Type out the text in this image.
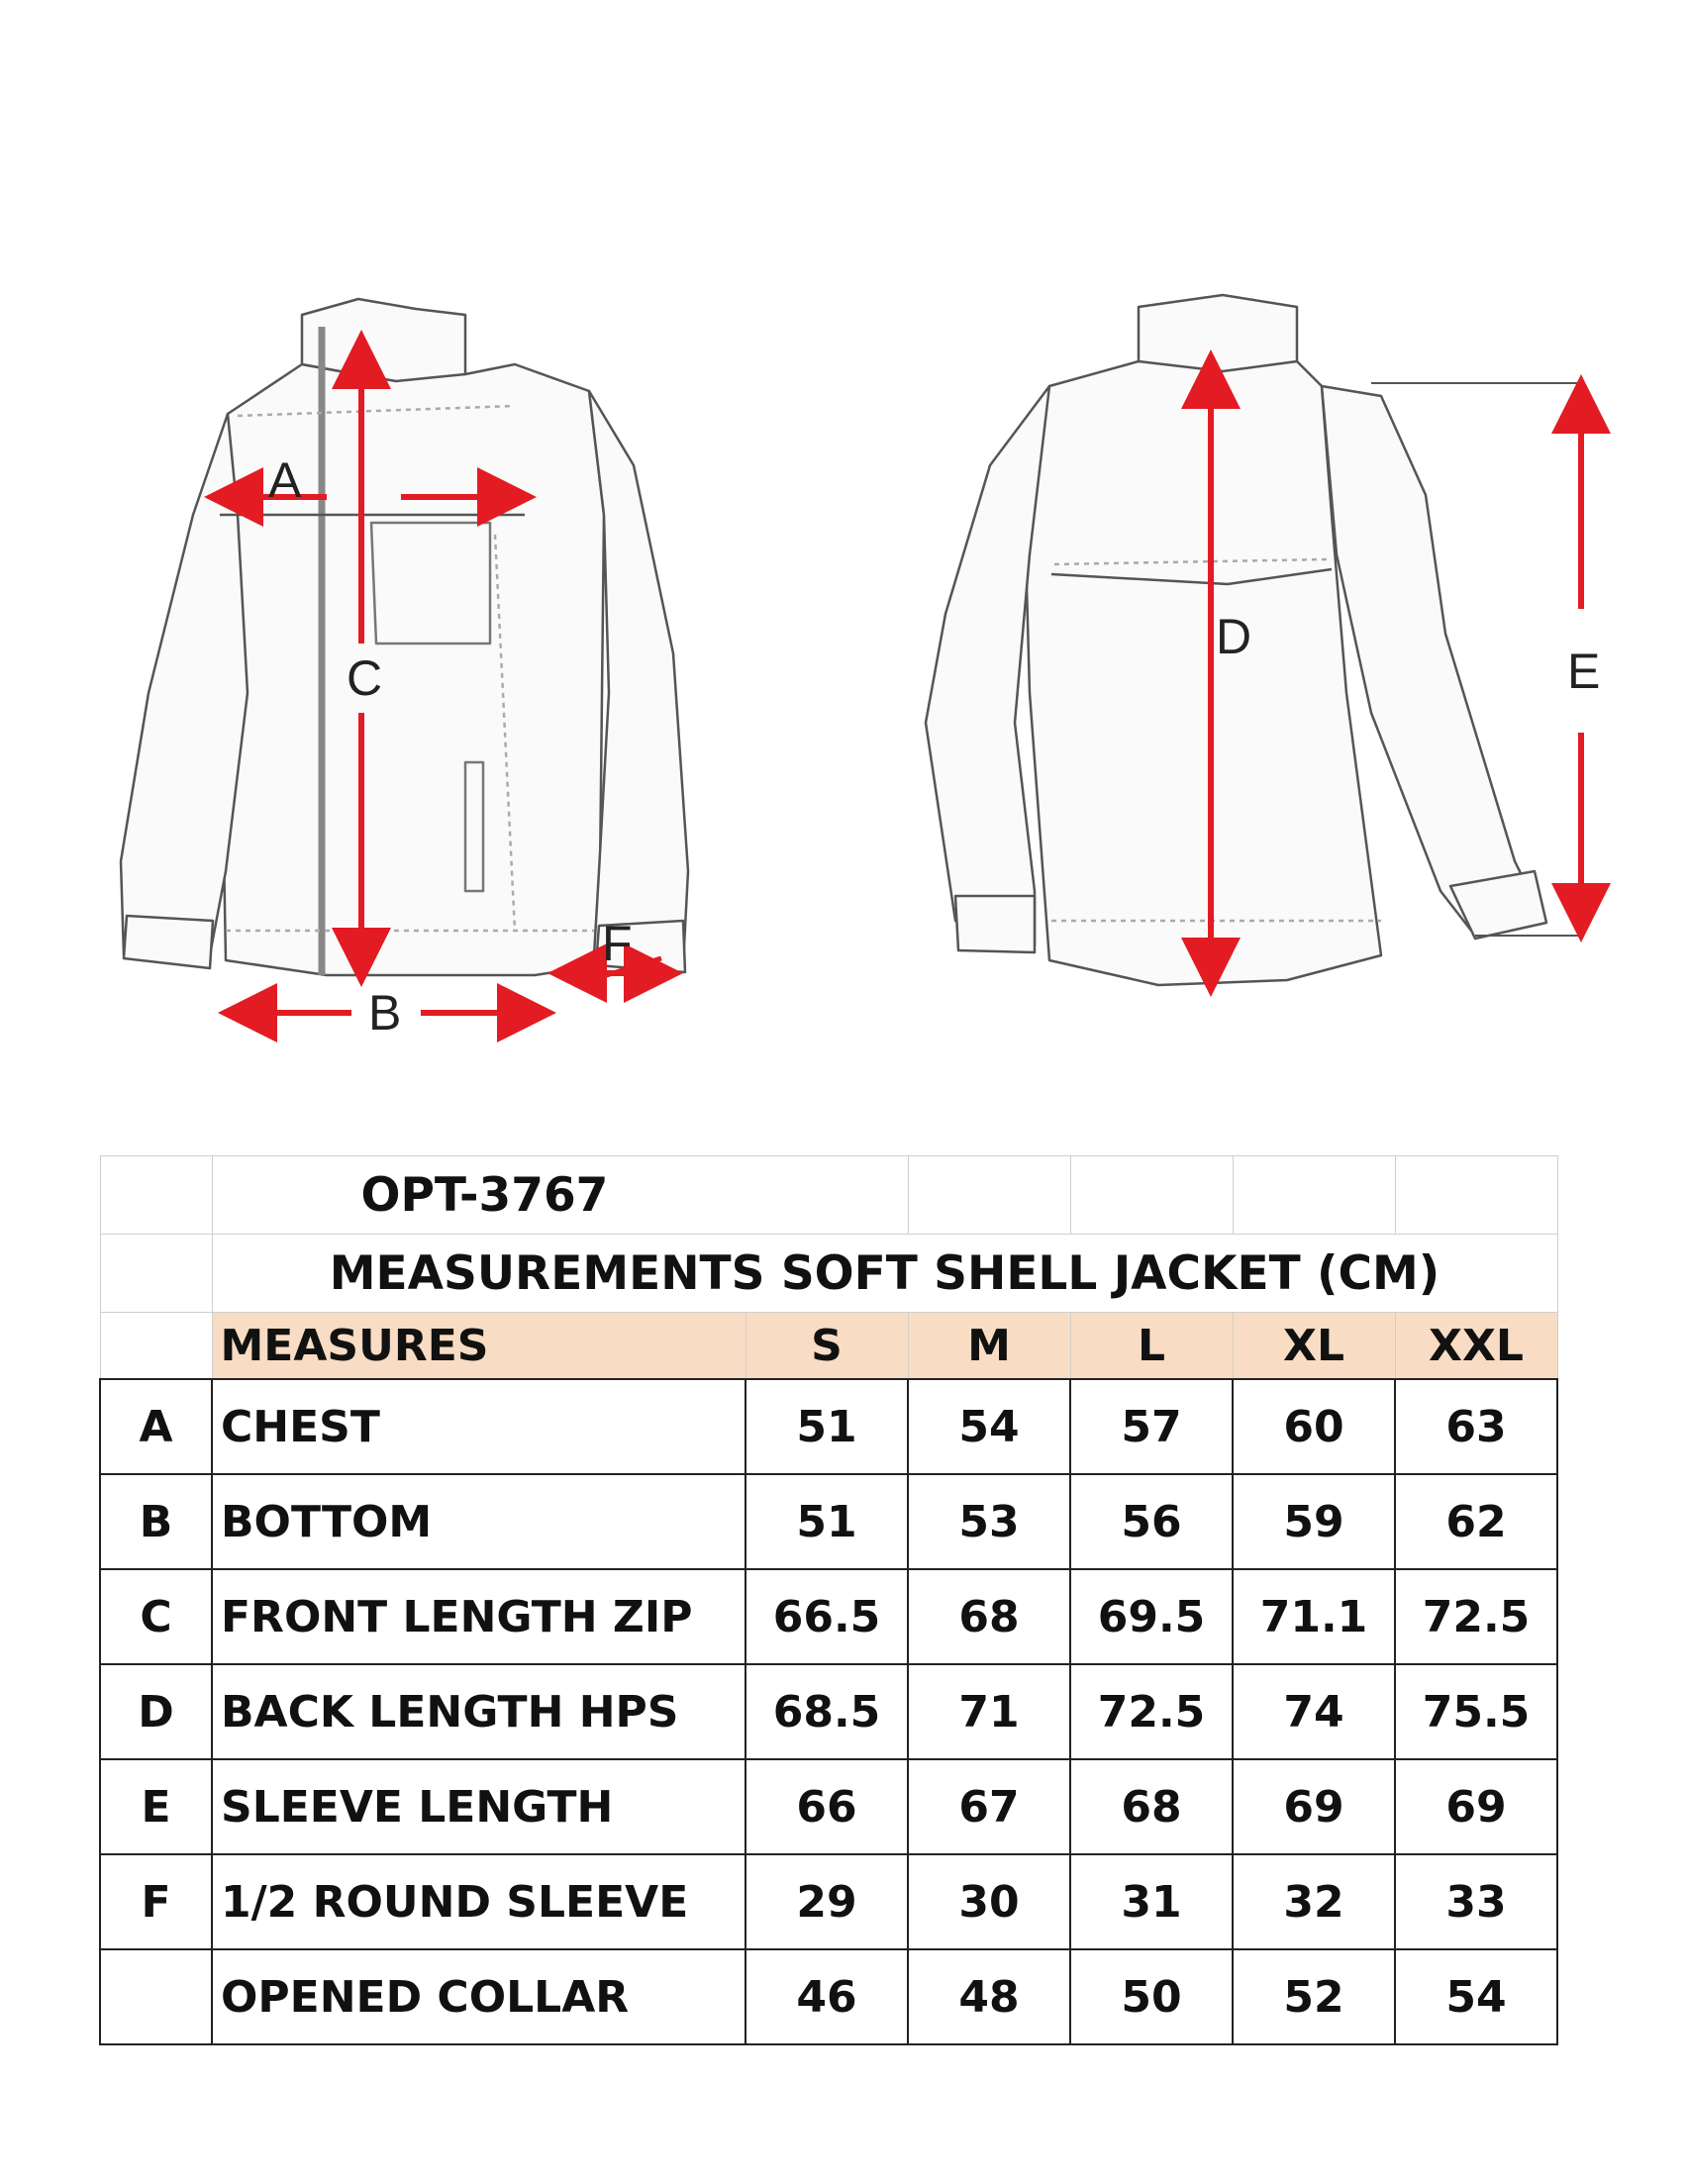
A
B
C
D
E
F
	OPT-3767					
	MEASUREMENTS SOFT SHELL JACKET (CM)					
	MEASURES	S	M	L	XL	XXL
A	CHEST	51	54	57	60	63
B	BOTTOM	51	53	56	59	62
C	FRONT LENGTH ZIP	66.5	68	69.5	71.1	72.5
D	BACK LENGTH HPS	68.5	71	72.5	74	75.5
E	SLEEVE LENGTH	66	67	68	69	69
F	1/2 ROUND SLEEVE	29	30	31	32	33
	OPENED COLLAR	46	48	50	52	54
